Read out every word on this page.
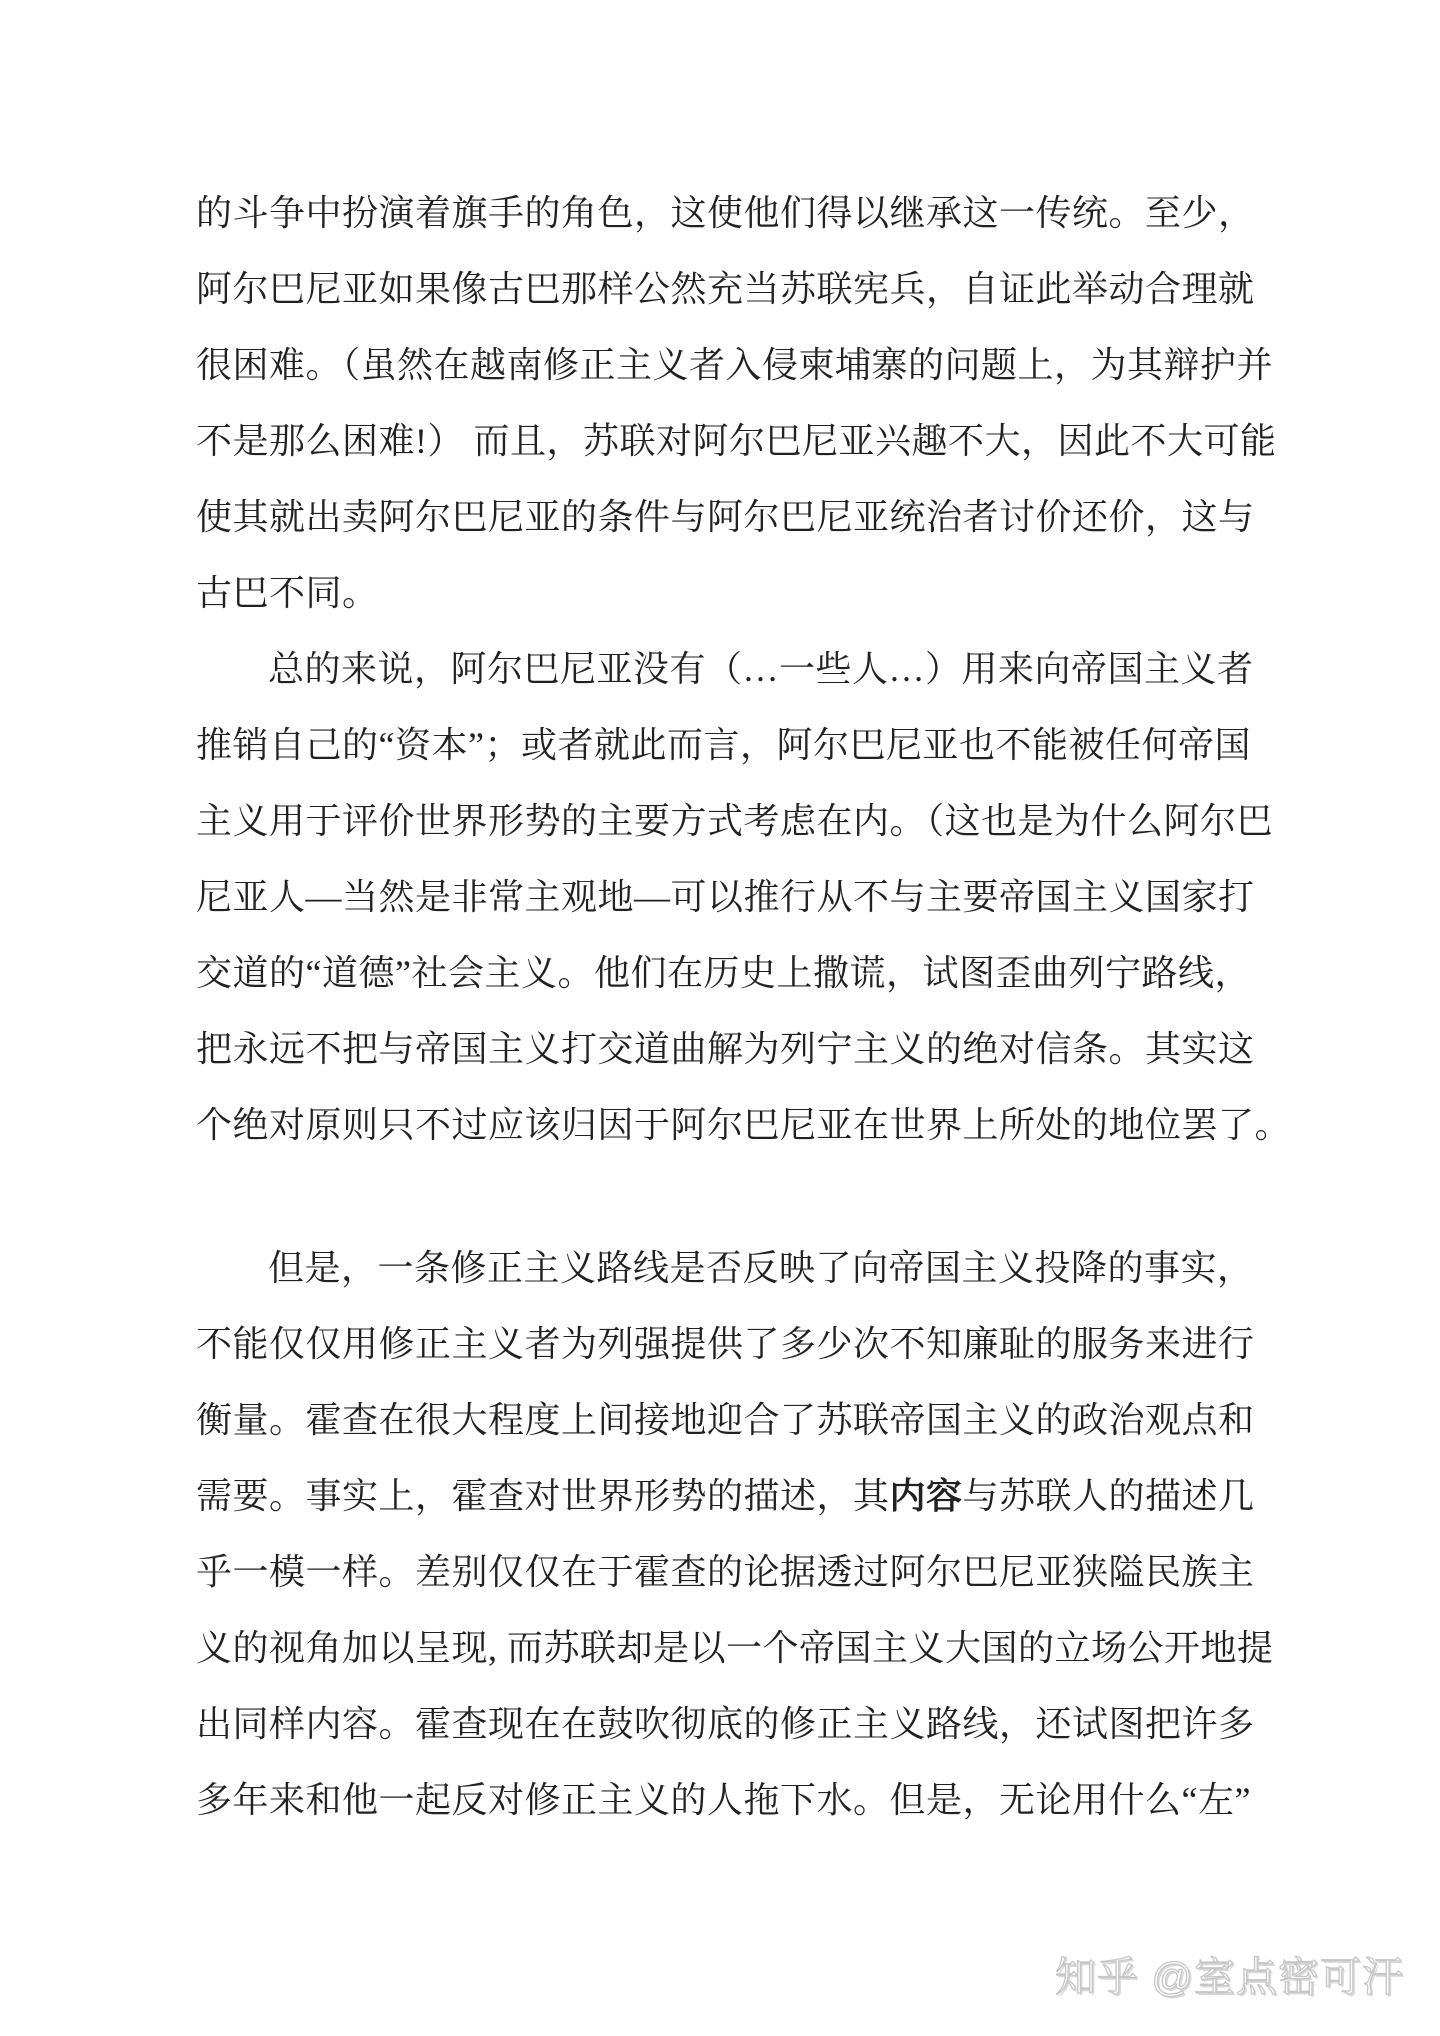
的斗争中扮演着旗手的角色，这使他们得以继承这一传统。至少，
阿尔巴尼亚如果像古巴那样公然充当苏联宪兵，自证此举动合理就
很困难。（虽然在越南修正主义者入侵柬埔寨的问题上，为其辩护并
不是那么困难!） 而且，苏联对阿尔巴尼亚兴趣不大，因此不大可能
使其就出卖阿尔巴尼亚的条件与阿尔巴尼亚统治者讨价还价，这与
古巴不同。
总的来说，阿尔巴尼亚没有（…一些人…）用来向帝国主义者
推销自己的“资本”；或者就此而言，阿尔巴尼亚也不能被任何帝国
主义用于评价世界形势的主要方式考虑在内。（这也是为什么阿尔巴
尼亚人—当然是非常主观地—可以推行从不与主要帝国主义国家打
交道的“道德”社会主义。他们在历史上撒谎，试图歪曲列宁路线，
把永远不把与帝国主义打交道曲解为列宁主义的绝对信条。其实这
个绝对原则只不过应该归因于阿尔巴尼亚在世界上所处的地位罢了。
但是，一条修正主义路线是否反映了向帝国主义投降的事实，
不能仅仅用修正主义者为列强提供了多少次不知廉耻的服务来进行
衡量。霍查在很大程度上间接地迎合了苏联帝国主义的政治观点和
需要。事实上，霍查对世界形势的描述，其内容与苏联人的描述几
乎一模一样。差别仅仅在于霍查的论据透过阿尔巴尼亚狭隘民族主
义的视角加以呈现, 而苏联却是以一个帝国主义大国的立场公开地提
出同样内容。霍查现在在鼓吹彻底的修正主义路线，还试图把许多
多年来和他一起反对修正主义的人拖下水。但是，无论用什么“左”
知乎 @室点密可汗
